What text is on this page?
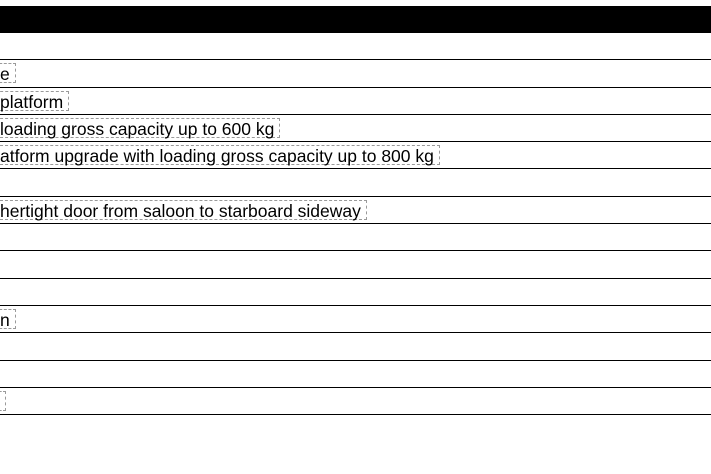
e
platform
loading gross capacity up to 600 kg
atform upgrade with loading gross capacity up to 800 kg
hertight door from saloon to starboard sideway
n
